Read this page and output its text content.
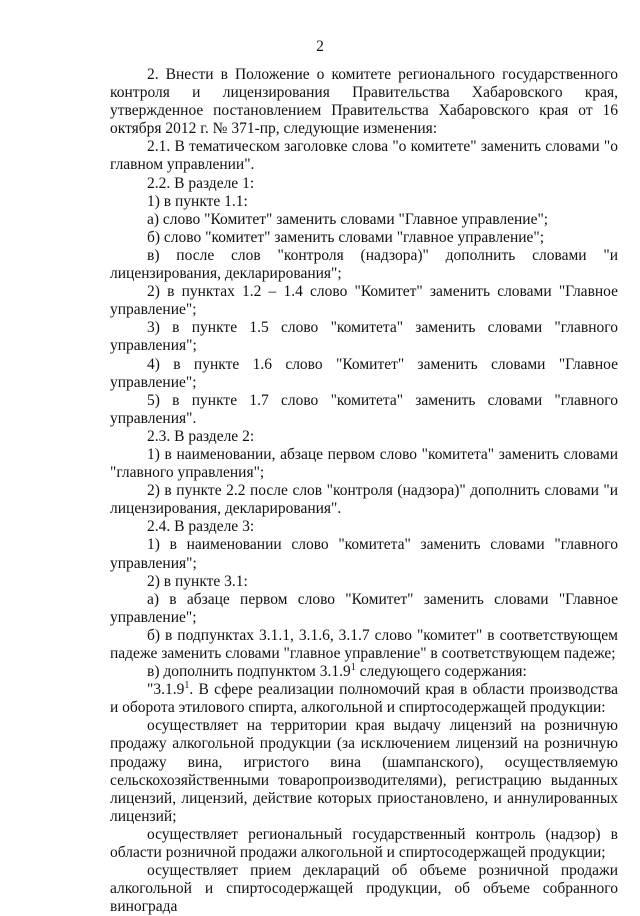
2

2. Внести в Положение о комитете регионального государственного контроля и лицензирования Правительства Хабаровского края, утвержденное постановлением Правительства Хабаровского края от 16 октября 2012 г. № 371-пр, следующие изменения:

2.1. В тематическом заголовке слова "о комитете" заменить словами "о главном управлении".

2.2. В разделе 1:

1) в пункте 1.1:

а) слово "Комитет" заменить словами "Главное управление";

б) слово "комитет" заменить словами "главное управление";

в) после слов "контроля (надзора)" дополнить словами "и лицензирования, декларирования";

2) в пунктах 1.2 – 1.4 слово "Комитет" заменить словами "Главное управление";

3) в пункте 1.5 слово "комитета" заменить словами "главного управления";

4) в пункте 1.6 слово "Комитет" заменить словами "Главное управление";

5) в пункте 1.7 слово "комитета" заменить словами "главного управления".

2.3. В разделе 2:

1) в наименовании, абзаце первом слово "комитета" заменить словами "главного управления";

2) в пункте 2.2 после слов "контроля (надзора)" дополнить словами "и лицензирования, декларирования".

2.4. В разделе 3:

1) в наименовании слово "комитета" заменить словами "главного управления";

2) в пункте 3.1:

а) в абзаце первом слово "Комитет" заменить словами "Главное управление";

б) в подпунктах 3.1.1, 3.1.6, 3.1.7 слово "комитет" в соответствующем падеже заменить словами "главное управление" в соответствующем падеже;

в) дополнить подпунктом 3.1.9$^1$ следующего содержания:

"3.1.9$^1$. В сфере реализации полномочий края в области производства и оборота этилового спирта, алкогольной и спиртосодержащей продукции:

осуществляет на территории края выдачу лицензий на розничную продажу алкогольной продукции (за исключением лицензий на розничную продажу вина, игристого вина (шампанского), осуществляемую сельскохозяйственными товаропроизводителями), регистрацию выданных лицензий, лицензий, действие которых приостановлено, и аннулированных лицензий;

осуществляет региональный государственный контроль (надзор) в области розничной продажи алкогольной и спиртосодержащей продукции;

осуществляет прием деклараций об объеме розничной продажи алкогольной и спиртосодержащей продукции, об объеме собранного винограда
